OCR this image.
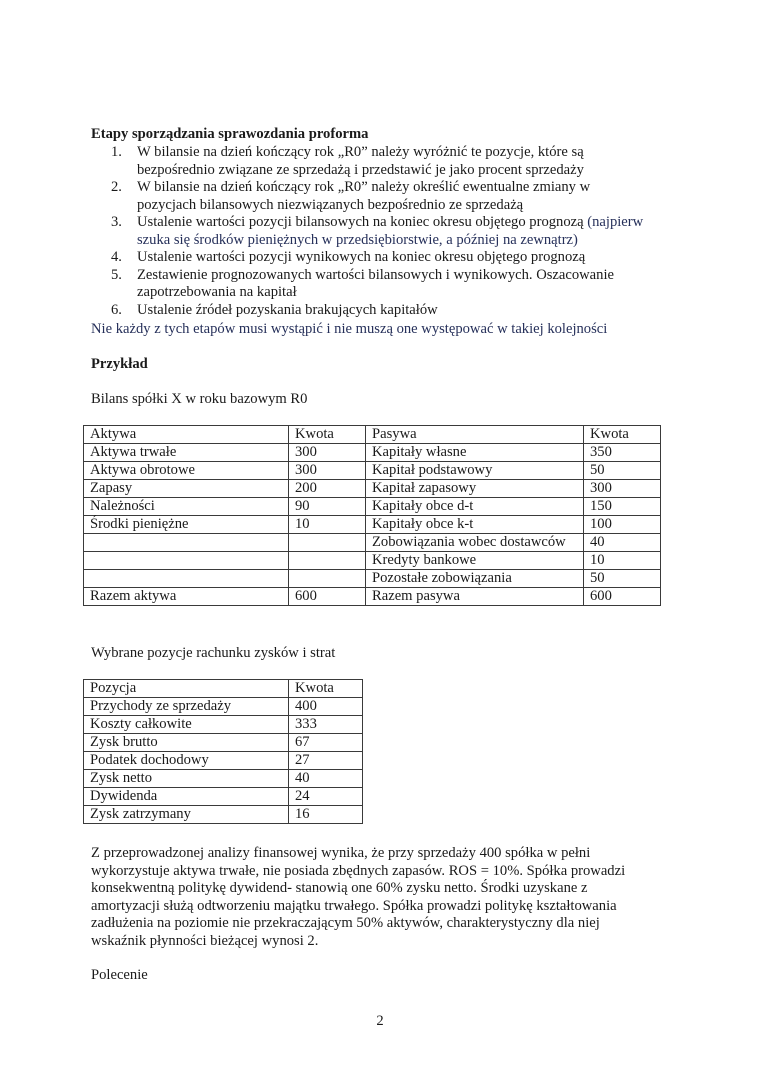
Etapy sporządzania sprawozdania proforma
1.	W bilansie na dzień kończący rok „R0” należy wyróżnić te pozycje, które są
bezpośrednio związane ze sprzedażą i przedstawić je jako procent sprzedaży
2.	W bilansie na dzień kończący rok „R0” należy określić ewentualne zmiany w
pozycjach bilansowych niezwiązanych bezpośrednio ze sprzedażą
3.	Ustalenie wartości pozycji bilansowych na koniec okresu objętego prognozą (najpierw
szuka się środków pieniężnych w przedsiębiorstwie, a później na zewnątrz)
4.	Ustalenie wartości pozycji wynikowych na koniec okresu objętego prognozą
5.	Zestawienie prognozowanych wartości bilansowych i wynikowych. Oszacowanie
zapotrzebowania na kapitał
6.	Ustalenie źródeł pozyskania brakujących kapitałów
Nie każdy z tych etapów musi wystąpić i nie muszą one występować w takiej kolejności
Przykład
Bilans spółki X w roku bazowym R0
Aktywa	Kwota	Pasywa	Kwota
Aktywa trwałe	300	Kapitały własne	350
Aktywa obrotowe	300	Kapitał podstawowy	50
Zapasy	200	Kapitał zapasowy	300
Należności	90	Kapitały obce d-t	150
Środki pieniężne	10	Kapitały obce k-t	100
		Zobowiązania wobec dostawców	40
		Kredyty bankowe	10
		Pozostałe zobowiązania	50
Razem aktywa	600	Razem pasywa	600
Wybrane pozycje rachunku zysków i strat
Pozycja	Kwota
Przychody ze sprzedaży	400
Koszty całkowite	333
Zysk brutto	67
Podatek dochodowy	27
Zysk netto	40
Dywidenda	24
Zysk zatrzymany	16
Z przeprowadzonej analizy finansowej wynika, że przy sprzedaży 400 spółka w pełni
wykorzystuje aktywa trwałe, nie posiada zbędnych zapasów. ROS = 10%. Spółka prowadzi
konsekwentną politykę dywidend- stanowią one 60% zysku netto. Środki uzyskane z
amortyzacji służą odtworzeniu majątku trwałego. Spółka prowadzi politykę kształtowania
zadłużenia na poziomie nie przekraczającym 50% aktywów, charakterystyczny dla niej
wskaźnik płynności bieżącej wynosi 2.
Polecenie
2
